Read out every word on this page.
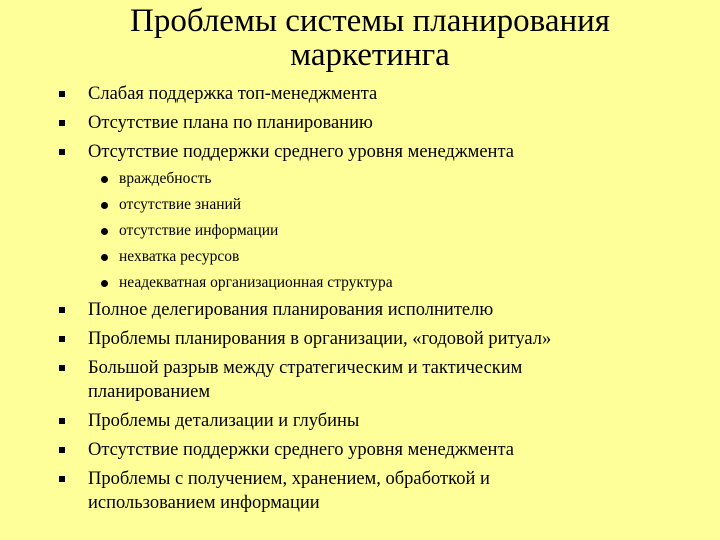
Проблемы системы планирования
маркетинга
Слабая поддержка топ-менеджмента
Отсутствие плана по планированию
Отсутствие поддержки среднего уровня менеджмента
враждебность
отсутствие знаний
отсутствие информации
нехватка ресурсов
неадекватная организационная структура
Полное делегирования планирования исполнителю
Проблемы планирования в организации, «годовой ритуал»
Большой разрыв между стратегическим и тактическим
планированием
Проблемы детализации и глубины
Отсутствие поддержки среднего уровня менеджмента
Проблемы с получением, хранением, обработкой и
использованием информации
